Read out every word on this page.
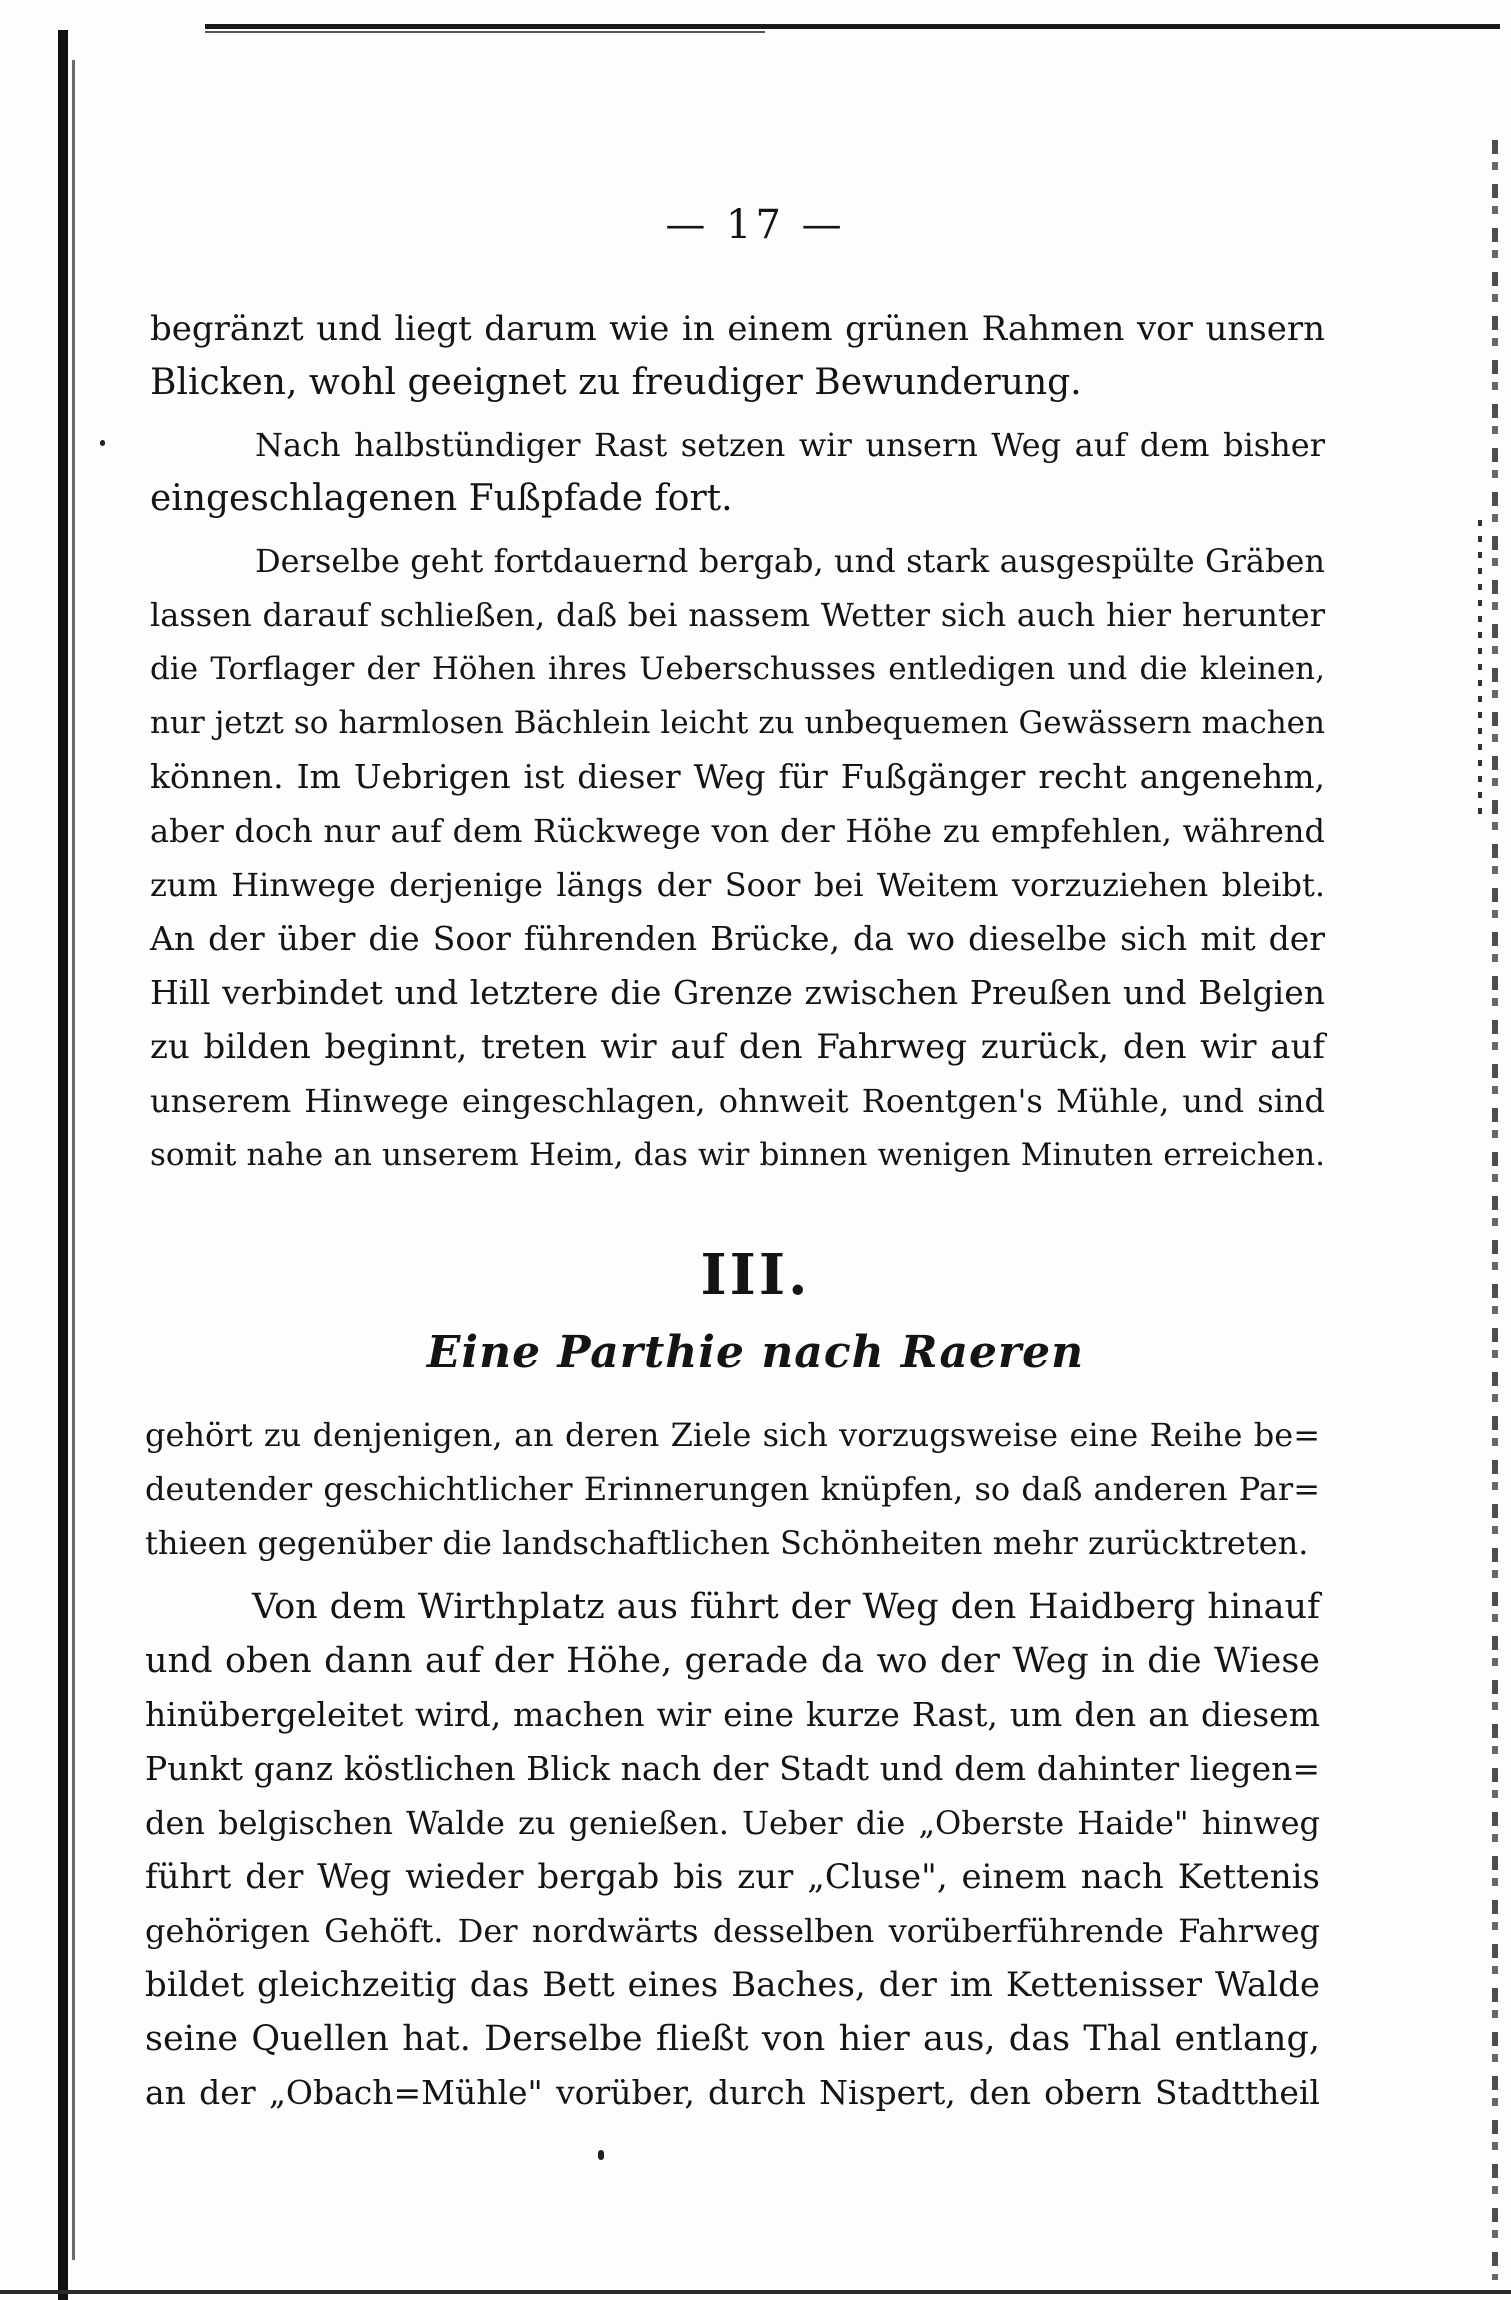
— 17 —
begränzt und liegt darum wie in einem grünen Rahmen vor unsern
Blicken, wohl geeignet zu freudiger Bewunderung.
Nach halbstündiger Rast setzen wir unsern Weg auf dem bisher
eingeschlagenen Fußpfade fort.
Derselbe geht fortdauernd bergab, und stark ausgespülte Gräben
lassen darauf schließen, daß bei nassem Wetter sich auch hier herunter
die Torflager der Höhen ihres Ueberschusses entledigen und die kleinen,
nur jetzt so harmlosen Bächlein leicht zu unbequemen Gewässern machen
können. Im Uebrigen ist dieser Weg für Fußgänger recht angenehm,
aber doch nur auf dem Rückwege von der Höhe zu empfehlen, während
zum Hinwege derjenige längs der Soor bei Weitem vorzuziehen bleibt.
An der über die Soor führenden Brücke, da wo dieselbe sich mit der
Hill verbindet und letztere die Grenze zwischen Preußen und Belgien
zu bilden beginnt, treten wir auf den Fahrweg zurück, den wir auf
unserem Hinwege eingeschlagen, ohnweit Roentgen's Mühle, und sind
somit nahe an unserem Heim, das wir binnen wenigen Minuten erreichen.
III.
Eine Parthie nach Raeren
gehört zu denjenigen, an deren Ziele sich vorzugsweise eine Reihe be=
deutender geschichtlicher Erinnerungen knüpfen, so daß anderen Par=
thieen gegenüber die landschaftlichen Schönheiten mehr zurücktreten.
Von dem Wirthplatz aus führt der Weg den Haidberg hinauf
und oben dann auf der Höhe, gerade da wo der Weg in die Wiese
hinübergeleitet wird, machen wir eine kurze Rast, um den an diesem
Punkt ganz köstlichen Blick nach der Stadt und dem dahinter liegen=
den belgischen Walde zu genießen. Ueber die „Oberste Haide" hinweg
führt der Weg wieder bergab bis zur „Cluse", einem nach Kettenis
gehörigen Gehöft. Der nordwärts desselben vorüberführende Fahrweg
bildet gleichzeitig das Bett eines Baches, der im Kettenisser Walde
seine Quellen hat. Derselbe fließt von hier aus, das Thal entlang,
an der „Obach=Mühle" vorüber, durch Nispert, den obern Stadttheil
